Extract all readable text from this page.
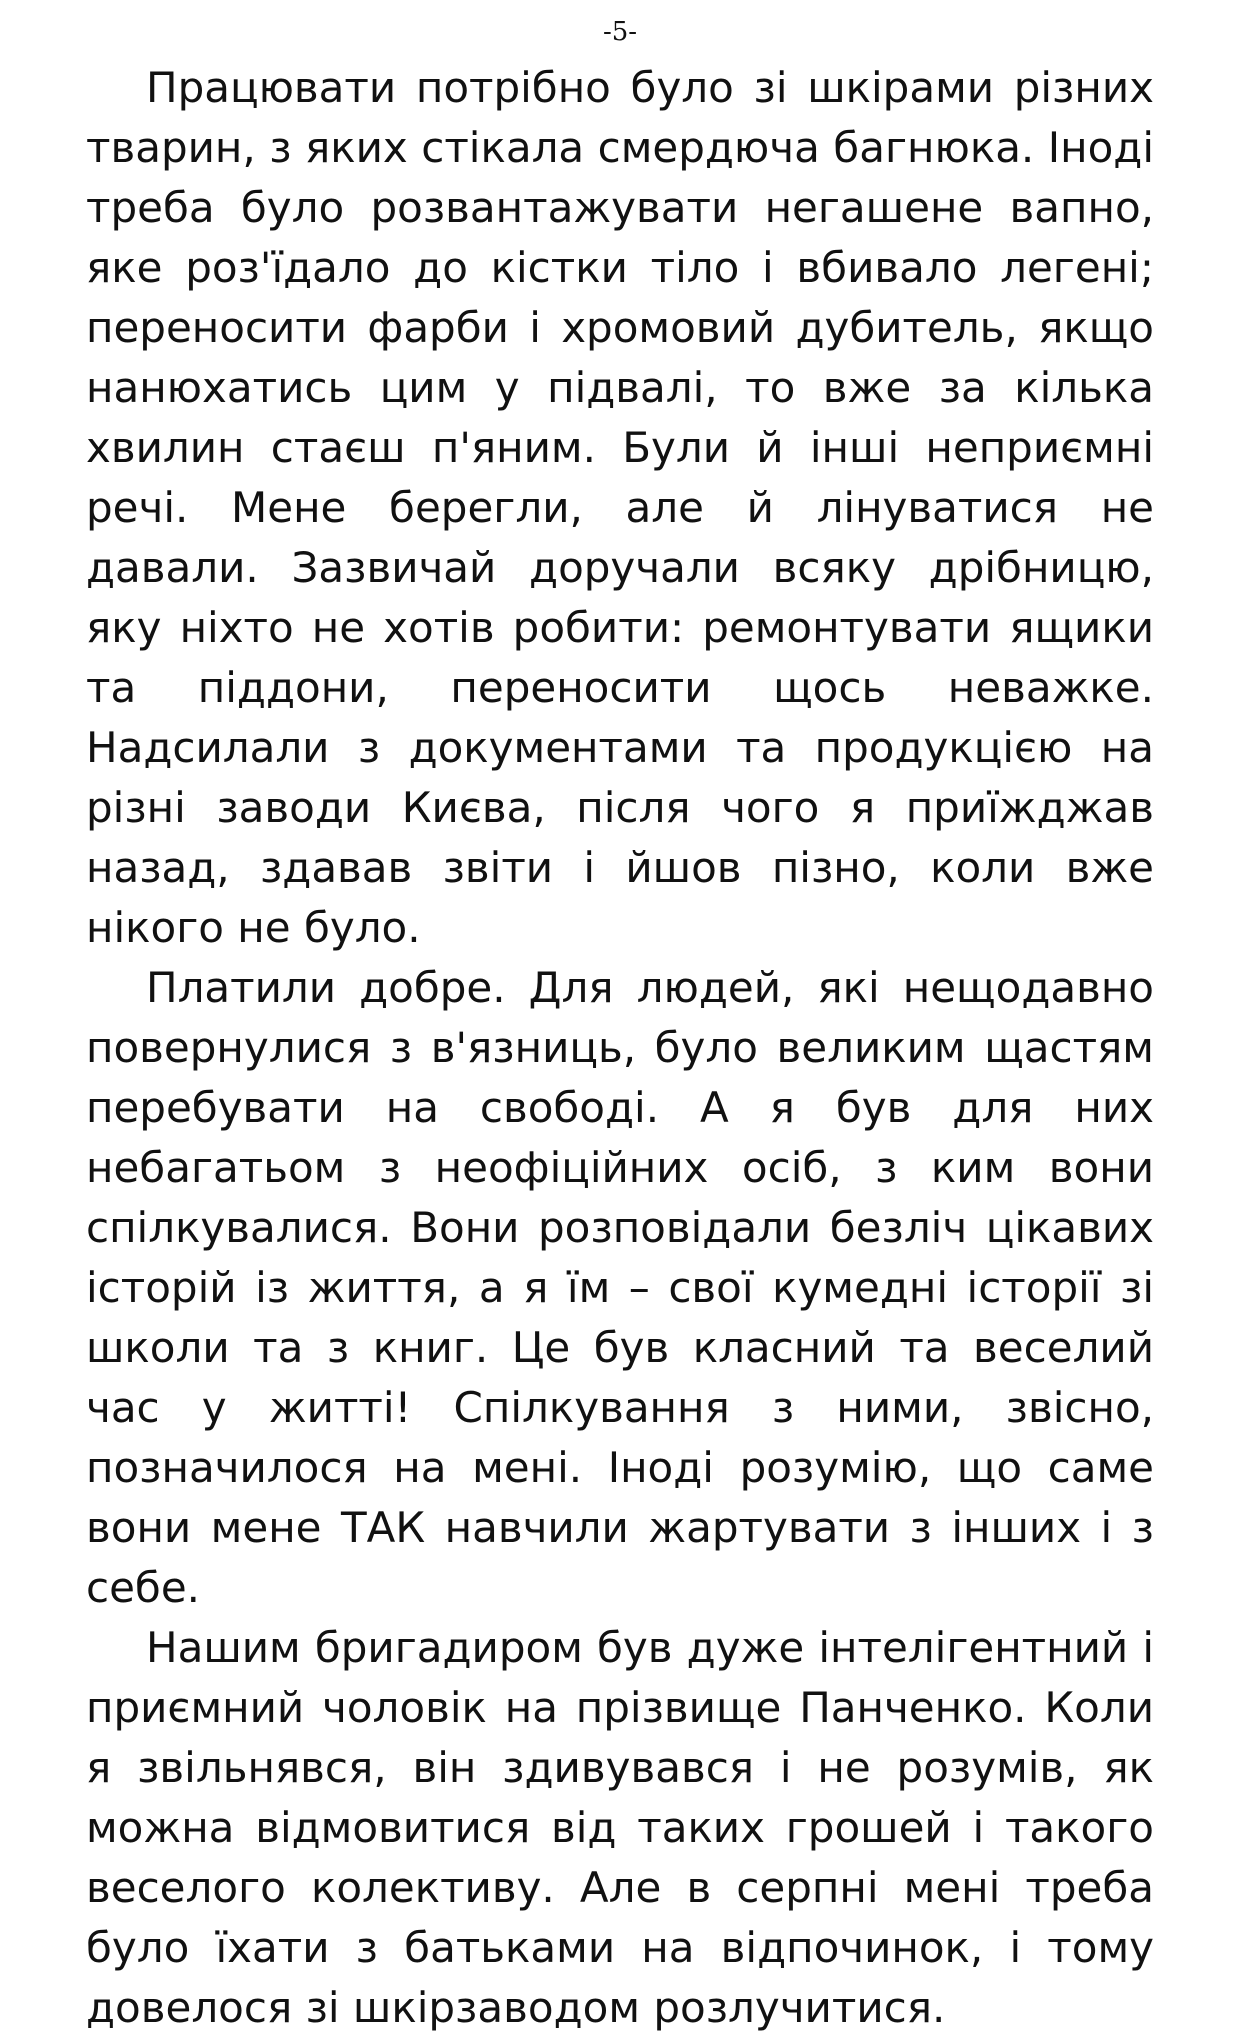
-5-

Працювати потрібно було зі шкірами різних тварин, з яких стікала смердюча багнюка. Іноді треба було розвантажувати негашене вапно, яке роз'їдало до кістки тіло і вбивало легені; переносити фарби і хромовий дубитель, якщо нанюхатись цим у підвалі, то вже за кілька хвилин стаєш п'яним. Були й інші неприємні речі. Мене берегли, але й лінуватися не давали. Зазвичай доручали всяку дрібницю, яку ніхто не хотів робити: ремонтувати ящики та піддони, переносити щось неважке. Надсилали з документами та продукцією на різні заводи Києва, після чого я приїжджав назад, здавав звіти і йшов пізно, коли вже нікого не було.

Платили добре. Для людей, які нещодавно повернулися з в'язниць, було великим щастям перебувати на свободі. А я був для них небагатьом з неофіційних осіб, з ким вони спілкувалися. Вони розповідали безліч цікавих історій із життя, а я їм – свої кумедні історії зі школи та з книг. Це був класний та веселий час у житті! Спілкування з ними, звісно, позначилося на мені. Іноді розумію, що саме вони мене ТАК навчили жартувати з інших і з себе.

Нашим бригадиром був дуже інтелігентний і приємний чоловік на прізвище Панченко. Коли я звільнявся, він здивувався і не розумів, як можна відмовитися від таких грошей і такого веселого колективу. Але в серпні мені треба було їхати з батьками на відпочинок, і тому довелося зі шкірзаводом розлучитися.
